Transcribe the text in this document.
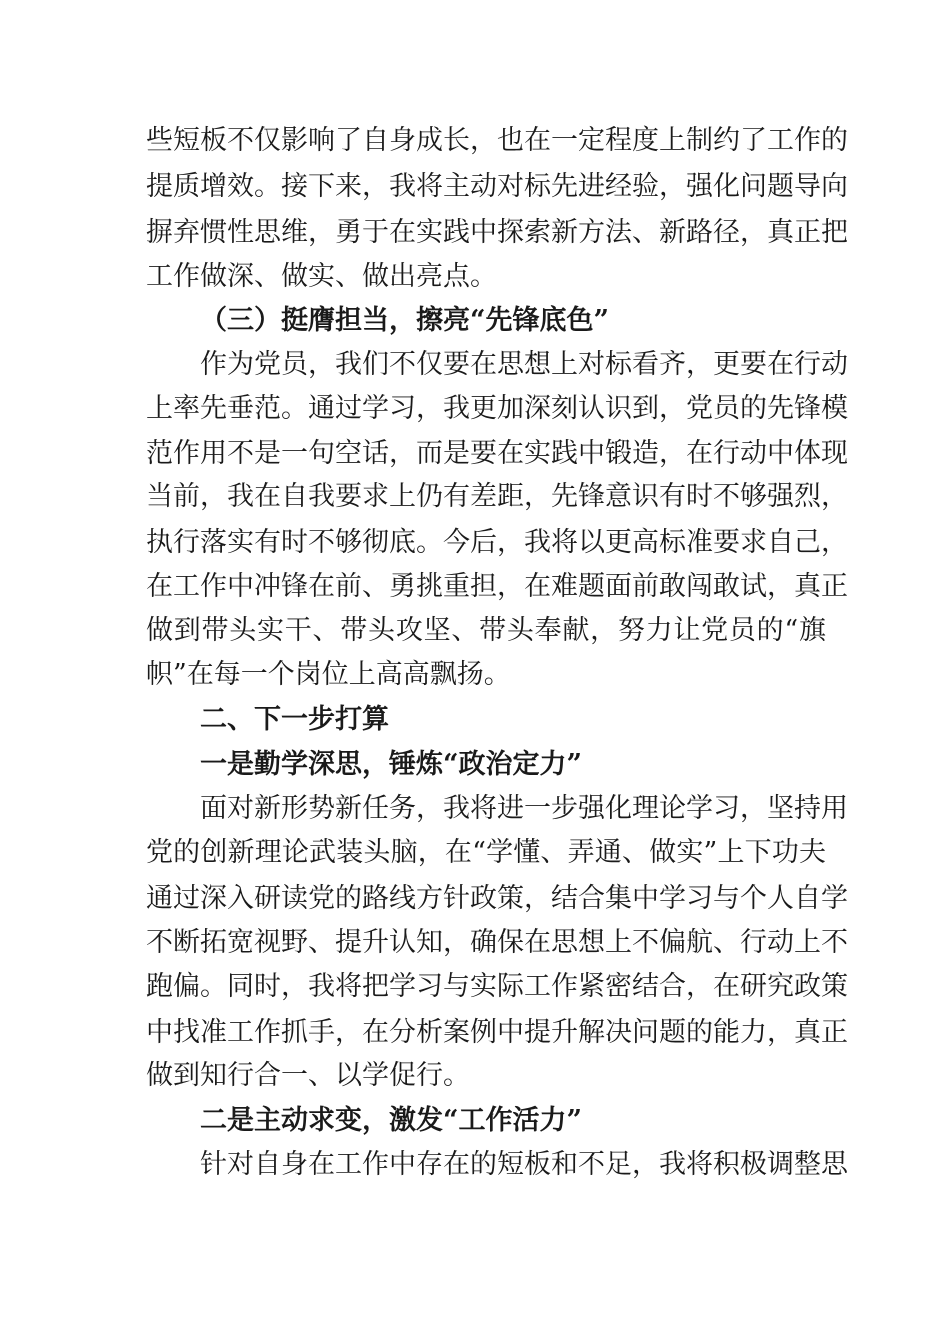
些短板不仅影响了自身成长，也在一定程度上制约了工作的
提质增效。接下来，我将主动对标先进经验，强化问题导向
摒弃惯性思维，勇于在实践中探索新方法、新路径，真正把
工作做深、做实、做出亮点。
（三）挺膺担当，擦亮“先锋底色”
作为党员，我们不仅要在思想上对标看齐，更要在行动
上率先垂范。通过学习，我更加深刻认识到，党员的先锋模
范作用不是一句空话，而是要在实践中锻造，在行动中体现
当前，我在自我要求上仍有差距，先锋意识有时不够强烈，
执行落实有时不够彻底。今后，我将以更高标准要求自己，
在工作中冲锋在前、勇挑重担，在难题面前敢闯敢试，真正
做到带头实干、带头攻坚、带头奉献，努力让党员的“旗
帜”在每一个岗位上高高飘扬。
二、下一步打算
一是勤学深思，锤炼“政治定力”
面对新形势新任务，我将进一步强化理论学习，坚持用
党的创新理论武装头脑，在“学懂、弄通、做实”上下功夫
通过深入研读党的路线方针政策，结合集中学习与个人自学
不断拓宽视野、提升认知，确保在思想上不偏航、行动上不
跑偏。同时，我将把学习与实际工作紧密结合，在研究政策
中找准工作抓手，在分析案例中提升解决问题的能力，真正
做到知行合一、以学促行。
二是主动求变，激发“工作活力”
针对自身在工作中存在的短板和不足，我将积极调整思
